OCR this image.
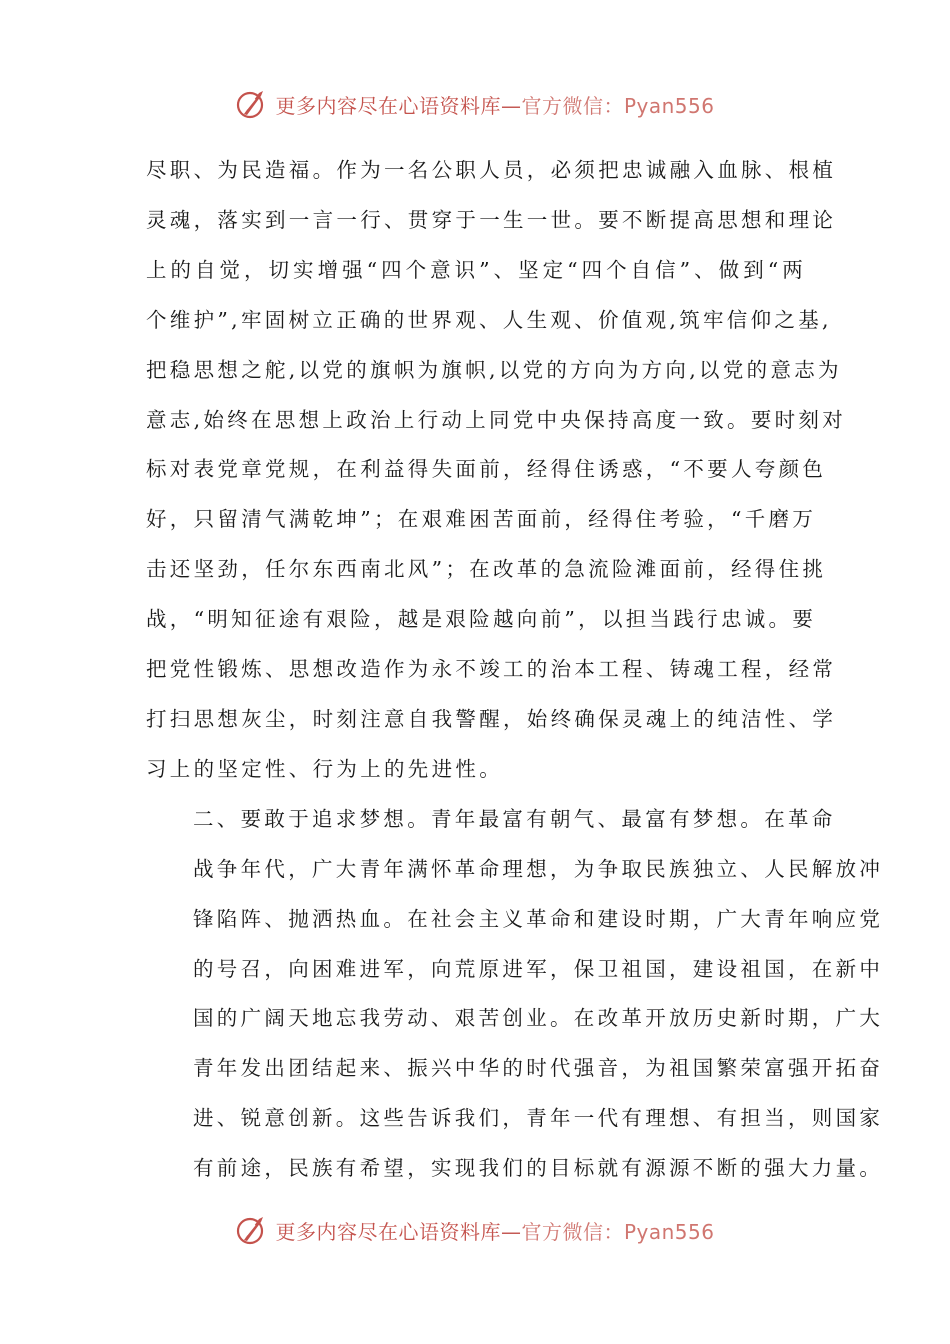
更多内容尽在心语资料库—官方微信：Pyan556

尽职、为民造福。作为一名公职人员，必须把忠诚融入血脉、根植
灵魂，落实到一言一行、贯穿于一生一世。要不断提高思想和理论
上的自觉，切实增强“四个意识”、坚定“四个自信”、做到“两
个维护”,牢固树立正确的世界观、人生观、价值观,筑牢信仰之基,
把稳思想之舵,以党的旗帜为旗帜,以党的方向为方向,以党的意志为
意志,始终在思想上政治上行动上同党中央保持高度一致。要时刻对
标对表党章党规，在利益得失面前，经得住诱惑，“不要人夸颜色
好，只留清气满乾坤”；在艰难困苦面前，经得住考验，“千磨万
击还坚劲，任尔东西南北风”；在改革的急流险滩面前，经得住挑
战，“明知征途有艰险，越是艰险越向前”，以担当践行忠诚。要
把党性锻炼、思想改造作为永不竣工的治本工程、铸魂工程，经常
打扫思想灰尘，时刻注意自我警醒，始终确保灵魂上的纯洁性、学
习上的坚定性、行为上的先进性。

二、要敢于追求梦想。青年最富有朝气、最富有梦想。在革命
战争年代，广大青年满怀革命理想，为争取民族独立、人民解放冲
锋陷阵、抛洒热血。在社会主义革命和建设时期，广大青年响应党
的号召，向困难进军，向荒原进军，保卫祖国，建设祖国，在新中
国的广阔天地忘我劳动、艰苦创业。在改革开放历史新时期，广大
青年发出团结起来、振兴中华的时代强音，为祖国繁荣富强开拓奋
进、锐意创新。这些告诉我们，青年一代有理想、有担当，则国家
有前途，民族有希望，实现我们的目标就有源源不断的强大力量。

更多内容尽在心语资料库—官方微信：Pyan556
